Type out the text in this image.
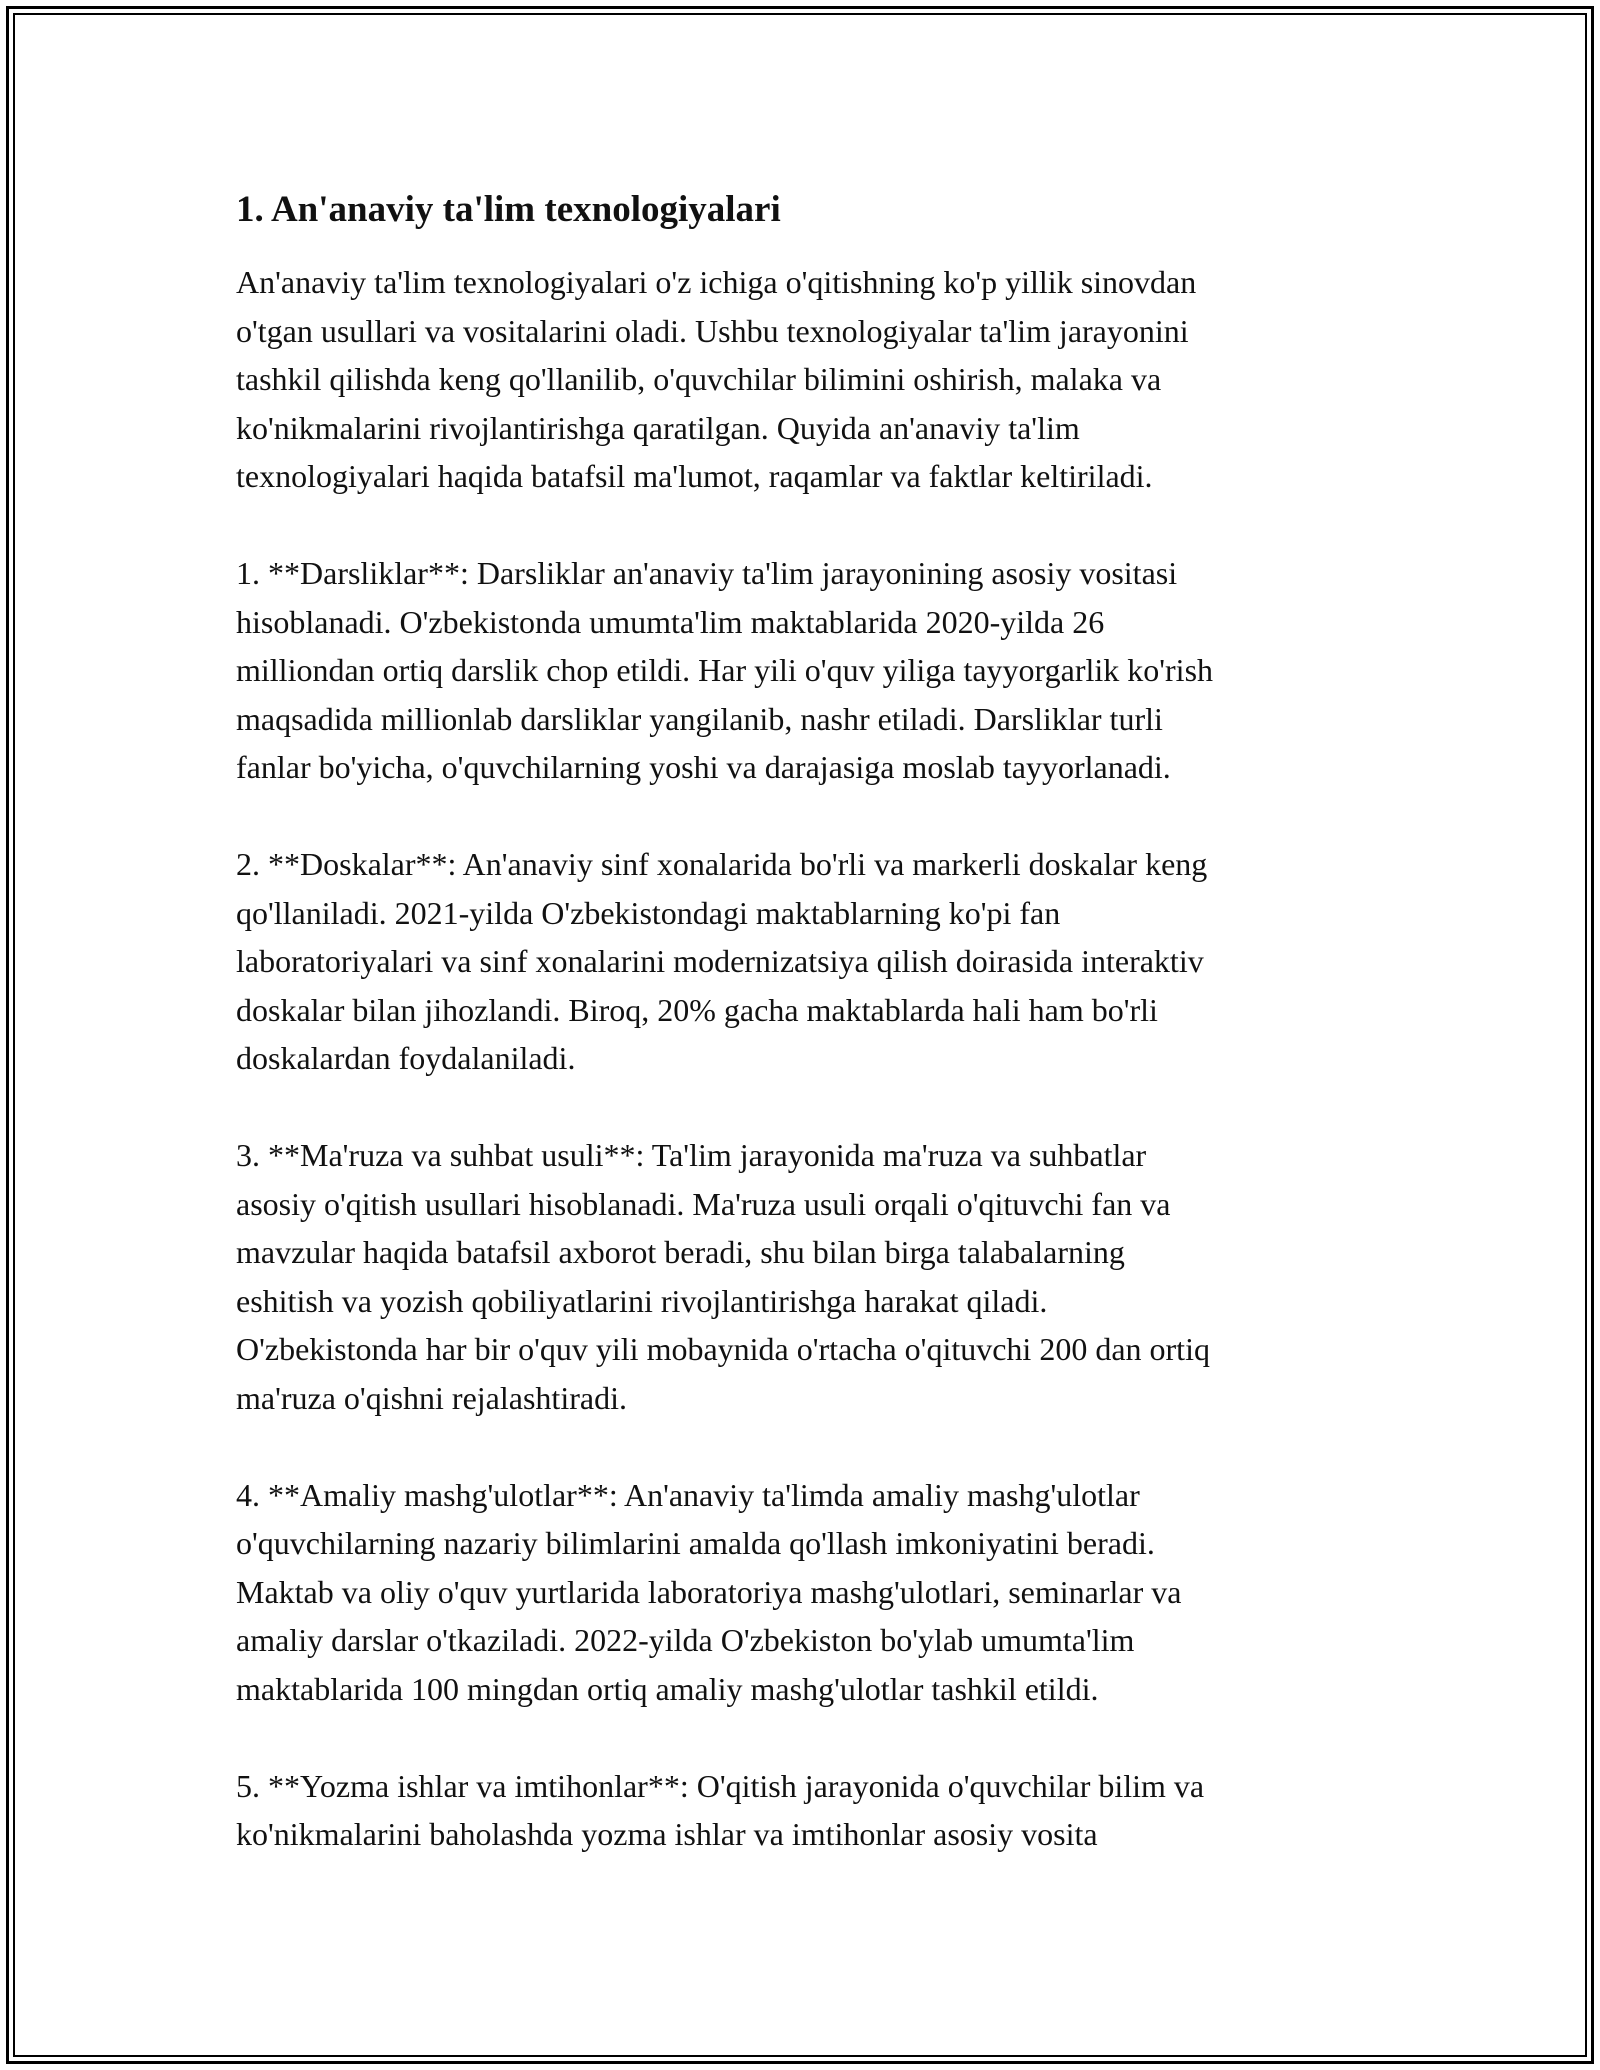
1. An'anaviy ta'lim texnologiyalari

An'anaviy ta'lim texnologiyalari o'z ichiga o'qitishning ko'p yillik sinovdan
o'tgan usullari va vositalarini oladi. Ushbu texnologiyalar ta'lim jarayonini
tashkil qilishda keng qo'llanilib, o'quvchilar bilimini oshirish, malaka va
ko'nikmalarini rivojlantirishga qaratilgan. Quyida an'anaviy ta'lim
texnologiyalari haqida batafsil ma'lumot, raqamlar va faktlar keltiriladi.

1. **Darsliklar**: Darsliklar an'anaviy ta'lim jarayonining asosiy vositasi
hisoblanadi. O'zbekistonda umumta'lim maktablarida 2020-yilda 26
milliondan ortiq darslik chop etildi. Har yili o'quv yiliga tayyorgarlik ko'rish
maqsadida millionlab darsliklar yangilanib, nashr etiladi. Darsliklar turli
fanlar bo'yicha, o'quvchilarning yoshi va darajasiga moslab tayyorlanadi.

2. **Doskalar**: An'anaviy sinf xonalarida bo'rli va markerli doskalar keng
qo'llaniladi. 2021-yilda O'zbekistondagi maktablarning ko'pi fan
laboratoriyalari va sinf xonalarini modernizatsiya qilish doirasida interaktiv
doskalar bilan jihozlandi. Biroq, 20% gacha maktablarda hali ham bo'rli
doskalardan foydalaniladi.

3. **Ma'ruza va suhbat usuli**: Ta'lim jarayonida ma'ruza va suhbatlar
asosiy o'qitish usullari hisoblanadi. Ma'ruza usuli orqali o'qituvchi fan va
mavzular haqida batafsil axborot beradi, shu bilan birga talabalarning
eshitish va yozish qobiliyatlarini rivojlantirishga harakat qiladi.
O'zbekistonda har bir o'quv yili mobaynida o'rtacha o'qituvchi 200 dan ortiq
ma'ruza o'qishni rejalashtiradi.

4. **Amaliy mashg'ulotlar**: An'anaviy ta'limda amaliy mashg'ulotlar
o'quvchilarning nazariy bilimlarini amalda qo'llash imkoniyatini beradi.
Maktab va oliy o'quv yurtlarida laboratoriya mashg'ulotlari, seminarlar va
amaliy darslar o'tkaziladi. 2022-yilda O'zbekiston bo'ylab umumta'lim
maktablarida 100 mingdan ortiq amaliy mashg'ulotlar tashkil etildi.

5. **Yozma ishlar va imtihonlar**: O'qitish jarayonida o'quvchilar bilim va
ko'nikmalarini baholashda yozma ishlar va imtihonlar asosiy vosita
